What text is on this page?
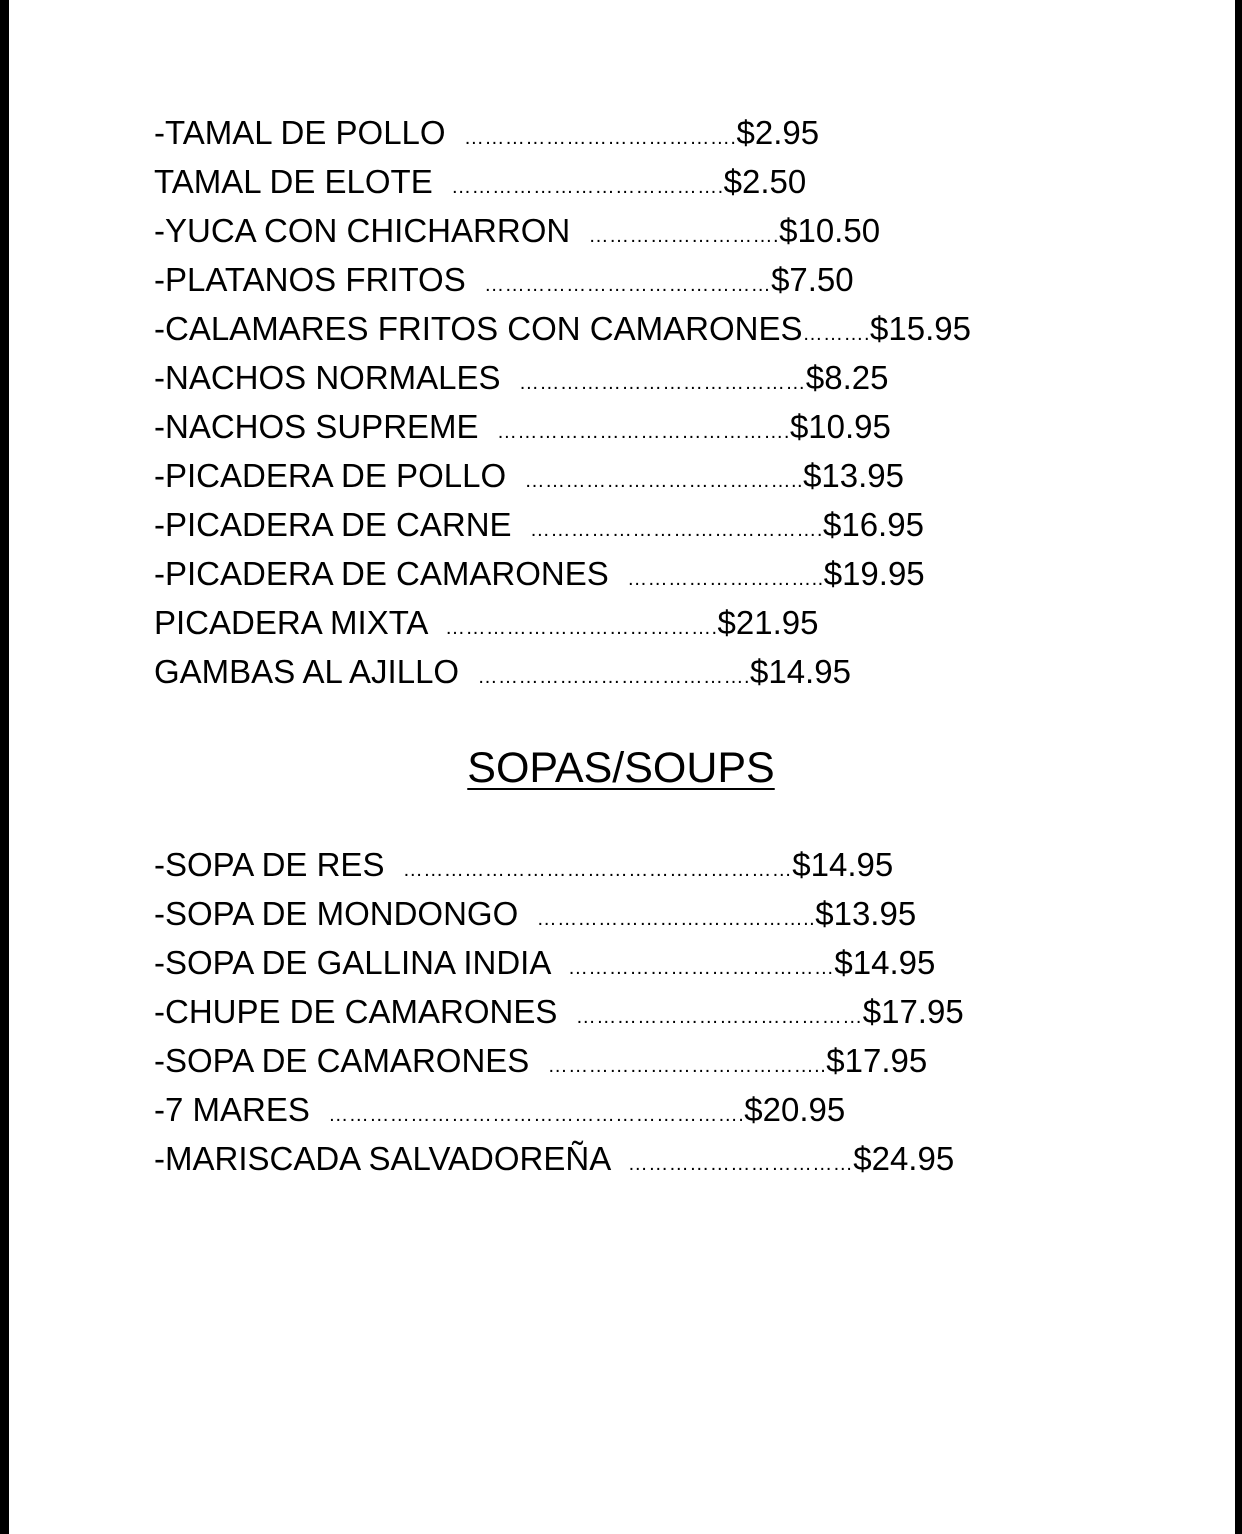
-TAMAL DE POLLO ………………………………….$2.95
TAMAL DE ELOTE ………………………………….$2.50
-YUCA CON CHICHARRON ……………………….$10.50
-PLATANOS FRITOS ……………………………………$7.50
-CALAMARES FRITOS CON CAMARONES……….$15.95
-NACHOS NORMALES ……………………………………$8.25
-NACHOS SUPREME …………………………………….$10.95
-PICADERA DE POLLO …………………………………..$13.95
-PICADERA DE CARNE …………………………………….$16.95
-PICADERA DE CAMARONES ………………………..$19.95
PICADERA MIXTA ………………………………….$21.95
GAMBAS AL AJILLO ………………………………….$14.95
SOPAS/SOUPS
-SOPA DE RES …………………………………………………$14.95
-SOPA DE MONDONGO …………………………………..$13.95
-SOPA DE GALLINA INDIA …………………………………$14.95
-CHUPE DE CAMARONES ……………………………………$17.95
-SOPA DE CAMARONES …………………………………..$17.95
-7 MARES …………………………………………………….$20.95
-MARISCADA SALVADOREÑA ……………………………$24.95
